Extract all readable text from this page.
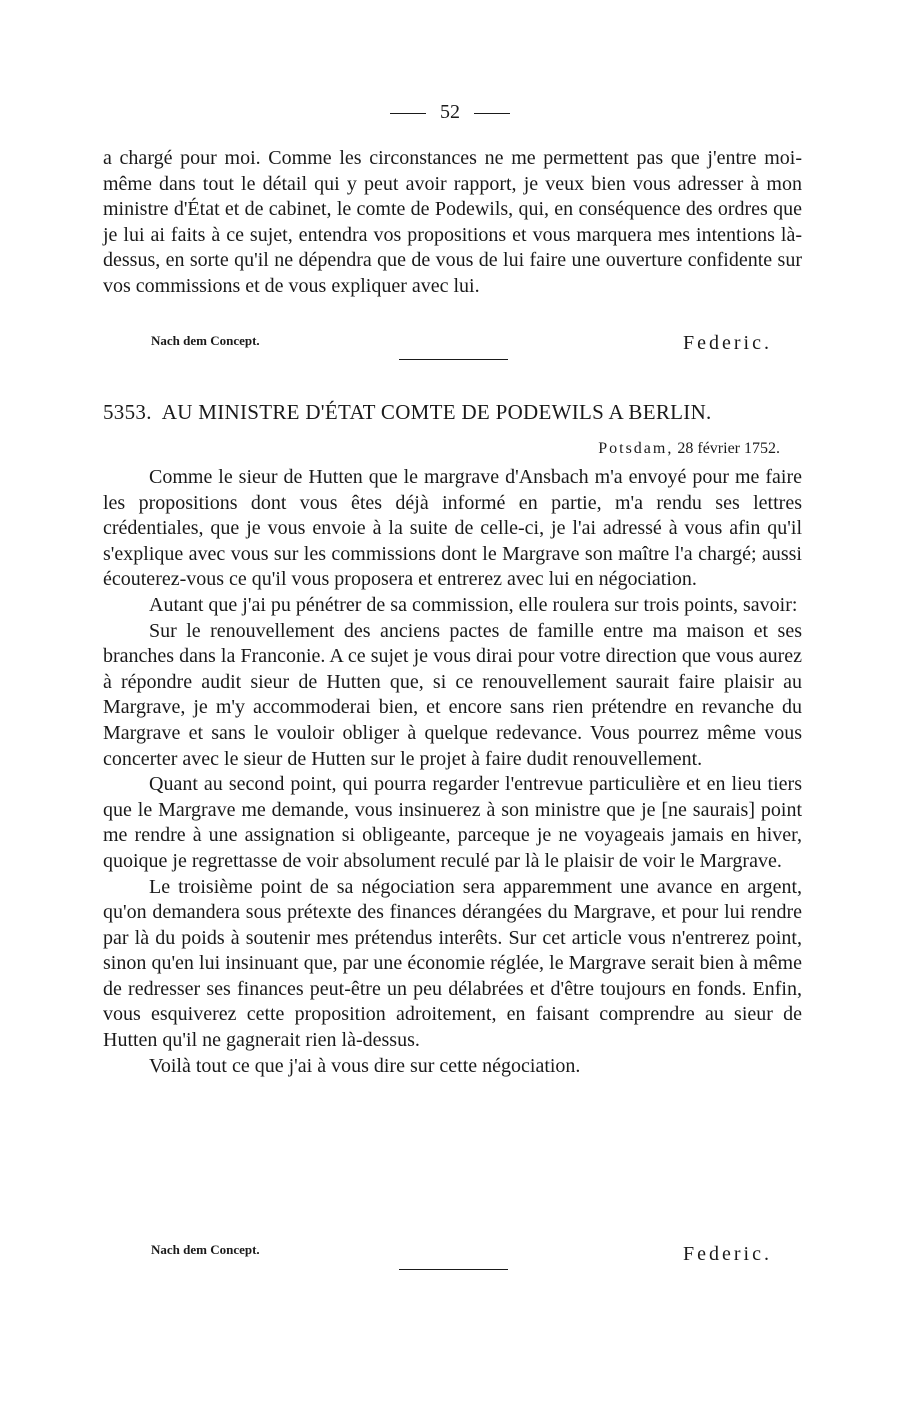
52

a chargé pour moi. Comme les circonstances ne me permettent pas que j'entre moi-même dans tout le détail qui y peut avoir rapport, je veux bien vous adresser à mon ministre d'État et de cabinet, le comte de Podewils, qui, en conséquence des ordres que je lui ai faits à ce sujet, entendra vos propositions et vous marquera mes intentions là-dessus, en sorte qu'il ne dépendra que de vous de lui faire une ouverture confidente sur vos commissions et de vous expliquer avec lui.

Nach dem Concept.	Federic.
5353. AU MINISTRE D'ÉTAT COMTE DE PODEWILS A BERLIN.
Potsdam, 28 février 1752.

Comme le sieur de Hutten que le margrave d'Ansbach m'a envoyé pour me faire les propositions dont vous êtes déjà informé en partie, m'a rendu ses lettres crédentiales, que je vous envoie à la suite de celle-ci, je l'ai adressé à vous afin qu'il s'explique avec vous sur les commissions dont le Margrave son maître l'a chargé; aussi écouterez-vous ce qu'il vous proposera et entrerez avec lui en négociation.

Autant que j'ai pu pénétrer de sa commission, elle roulera sur trois points, savoir:

Sur le renouvellement des anciens pactes de famille entre ma maison et ses branches dans la Franconie. A ce sujet je vous dirai pour votre direction que vous aurez à répondre audit sieur de Hutten que, si ce renouvellement saurait faire plaisir au Margrave, je m'y accommoderai bien, et encore sans rien prétendre en revanche du Margrave et sans le vouloir obliger à quelque redevance. Vous pourrez même vous concerter avec le sieur de Hutten sur le projet à faire dudit renouvellement.

Quant au second point, qui pourra regarder l'entrevue particulière et en lieu tiers que le Margrave me demande, vous insinuerez à son ministre que je [ne saurais] point me rendre à une assignation si obligeante, parceque je ne voyageais jamais en hiver, quoique je regrettasse de voir absolument reculé par là le plaisir de voir le Margrave.

Le troisième point de sa négociation sera apparemment une avance en argent, qu'on demandera sous prétexte des finances dérangées du Margrave, et pour lui rendre par là du poids à soutenir mes prétendus interêts. Sur cet article vous n'entrerez point, sinon qu'en lui insinuant que, par une économie réglée, le Margrave serait bien à même de redresser ses finances peut-être un peu délabrées et d'être toujours en fonds. Enfin, vous esquiverez cette proposition adroitement, en faisant comprendre au sieur de Hutten qu'il ne gagnerait rien là-dessus.

Voilà tout ce que j'ai à vous dire sur cette négociation.

Nach dem Concept.	Federic.
